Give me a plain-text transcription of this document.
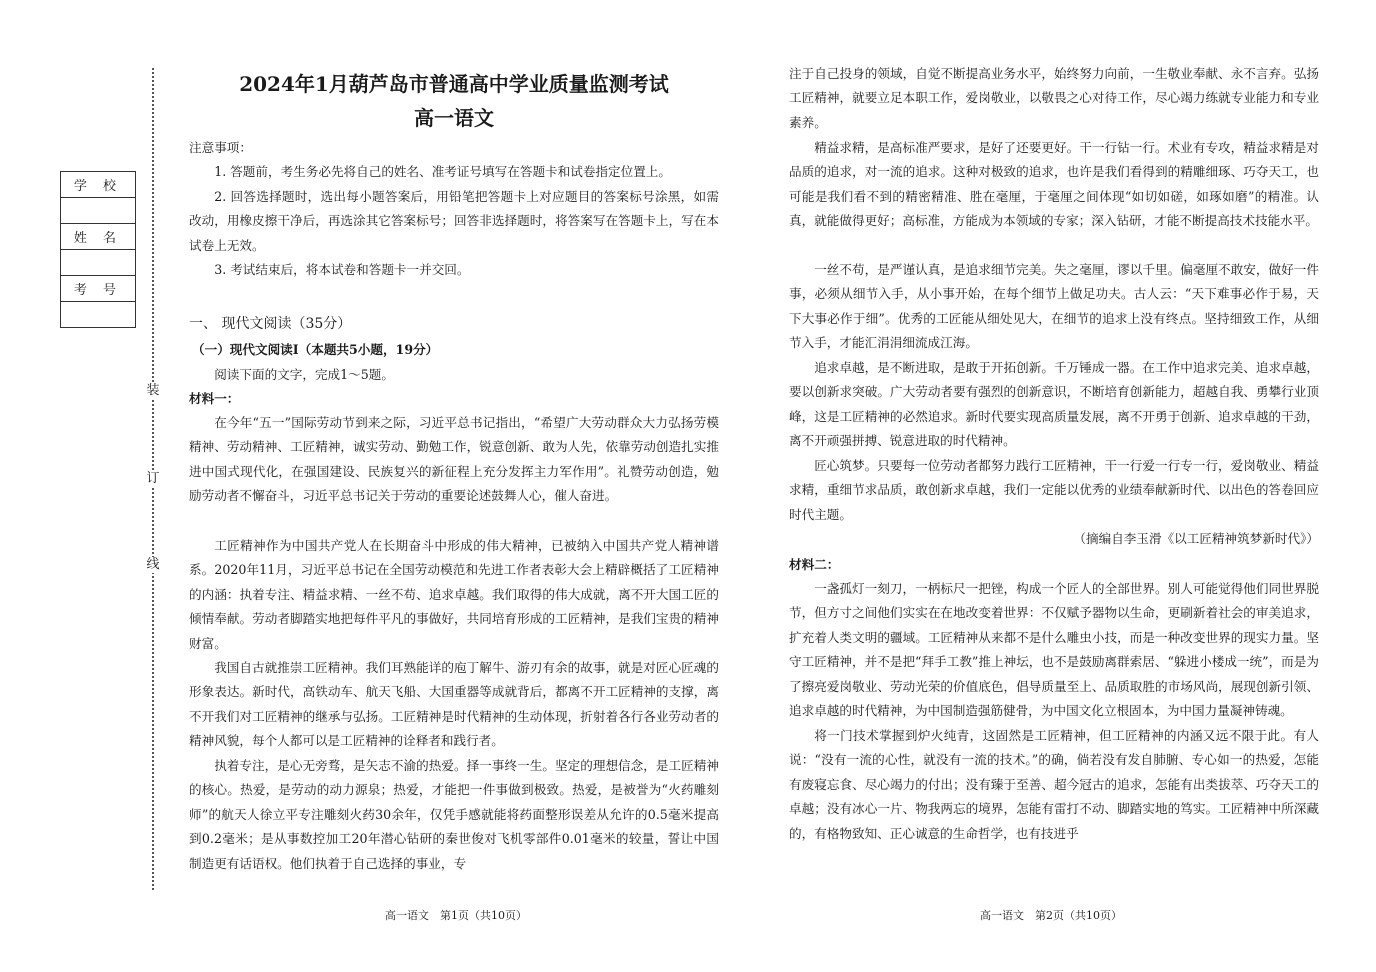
装
订
线
学 校

姓 名

考 号

2024年1月葫芦岛市普通高中学业质量监测考试
高一语文

注意事项：

1. 答题前，考生务必先将自己的姓名、准考证号填写在答题卡和试卷指定位置上。

2. 回答选择题时，选出每小题答案后，用铅笔把答题卡上对应题目的答案标号涂黑，如需改动，用橡皮擦干净后，再选涂其它答案标号；回答非选择题时，将答案写在答题卡上，写在本试卷上无效。

3. 考试结束后，将本试卷和答题卡一并交回。

一、 现代文阅读（35分）

（一）现代文阅读Ⅰ（本题共5小题，19分）

阅读下面的文字，完成1～5题。

材料一：

在今年“五一”国际劳动节到来之际，习近平总书记指出，“希望广大劳动群众大力弘扬劳模精神、劳动精神、工匠精神，诚实劳动、勤勉工作，锐意创新、敢为人先，依靠劳动创造扎实推进中国式现代化，在强国建设、民族复兴的新征程上充分发挥主力军作用”。礼赞劳动创造，勉励劳动者不懈奋斗，习近平总书记关于劳动的重要论述鼓舞人心，催人奋进。

工匠精神作为中国共产党人在长期奋斗中形成的伟大精神，已被纳入中国共产党人精神谱系。2020年11月，习近平总书记在全国劳动模范和先进工作者表彰大会上精辟概括了工匠精神的内涵：执着专注、精益求精、一丝不苟、追求卓越。我们取得的伟大成就，离不开大国工匠的倾情奉献。劳动者脚踏实地把每件平凡的事做好，共同培育形成的工匠精神，是我们宝贵的精神财富。

我国自古就推崇工匠精神。我们耳熟能详的庖丁解牛、游刃有余的故事，就是对匠心匠魂的形象表达。新时代，高铁动车、航天飞船、大国重器等成就背后，都离不开工匠精神的支撑，离不开我们对工匠精神的继承与弘扬。工匠精神是时代精神的生动体现，折射着各行各业劳动者的精神风貌，每个人都可以是工匠精神的诠释者和践行者。

执着专注，是心无旁骛，是矢志不渝的热爱。择一事终一生。坚定的理想信念，是工匠精神的核心。热爱，是劳动的动力源泉；热爱，才能把一件事做到极致。热爱，是被誉为“火药雕刻师”的航天人徐立平专注雕刻火药30余年，仅凭手感就能将药面整形误差从允许的0.5毫米提高到0.2毫米；是从事数控加工20年潜心钻研的秦世俊对飞机零部件0.01毫米的较量，誓让中国制造更有话语权。他们执着于自己选择的事业，专

高一语文　第1页（共10页）

注于自己投身的领域，自觉不断提高业务水平，始终努力向前，一生敬业奉献、永不言弃。弘扬工匠精神，就要立足本职工作，爱岗敬业，以敬畏之心对待工作，尽心竭力练就专业能力和专业素养。

精益求精，是高标准严要求，是好了还要更好。干一行钻一行。术业有专攻，精益求精是对品质的追求，对一流的追求。这种对极致的追求，也许是我们看得到的精雕细琢、巧夺天工，也可能是我们看不到的精密精准、胜在毫厘，于毫厘之间体现“如切如磋，如琢如磨”的精准。认真，就能做得更好；高标准，方能成为本领域的专家；深入钻研，才能不断提高技术技能水平。

一丝不苟，是严谨认真，是追求细节完美。失之毫厘，谬以千里。偏毫厘不敢安，做好一件事，必须从细节入手，从小事开始，在每个细节上做足功夫。古人云：“天下难事必作于易，天下大事必作于细”。优秀的工匠能从细处见大，在细节的追求上没有终点。坚持细致工作，从细节入手，才能汇涓涓细流成江海。

追求卓越，是不断进取，是敢于开拓创新。千万锤成一器。在工作中追求完美、追求卓越，要以创新求突破。广大劳动者要有强烈的创新意识，不断培育创新能力，超越自我、勇攀行业顶峰，这是工匠精神的必然追求。新时代要实现高质量发展，离不开勇于创新、追求卓越的干劲，离不开顽强拼搏、锐意进取的时代精神。

匠心筑梦。只要每一位劳动者都努力践行工匠精神，干一行爱一行专一行，爱岗敬业、精益求精，重细节求品质，敢创新求卓越，我们一定能以优秀的业绩奉献新时代、以出色的答卷回应时代主题。

（摘编自李玉滑《以工匠精神筑梦新时代》）

材料二：

一盏孤灯一刻刀，一柄标尺一把锉，构成一个匠人的全部世界。别人可能觉得他们同世界脱节，但方寸之间他们实实在在地改变着世界：不仅赋予器物以生命，更刷新着社会的审美追求，扩充着人类文明的疆域。工匠精神从来都不是什么雕虫小技，而是一种改变世界的现实力量。坚守工匠精神，并不是把“拜手工教”推上神坛，也不是鼓励离群索居、“躲进小楼成一统”，而是为了擦亮爱岗敬业、劳动光荣的价值底色，倡导质量至上、品质取胜的市场风尚，展现创新引领、追求卓越的时代精神，为中国制造强筋健骨，为中国文化立根固本，为中国力量凝神铸魂。

将一门技术掌握到炉火纯青，这固然是工匠精神，但工匠精神的内涵又远不限于此。有人说：“没有一流的心性，就没有一流的技术。”的确，倘若没有发自肺腑、专心如一的热爱，怎能有废寝忘食、尽心竭力的付出；没有臻于至善、超今冠古的追求，怎能有出类拔萃、巧夺天工的卓越；没有冰心一片、物我两忘的境界，怎能有雷打不动、脚踏实地的笃实。工匠精神中所深藏的，有格物致知、正心诚意的生命哲学，也有技进乎

高一语文　第2页（共10页）
